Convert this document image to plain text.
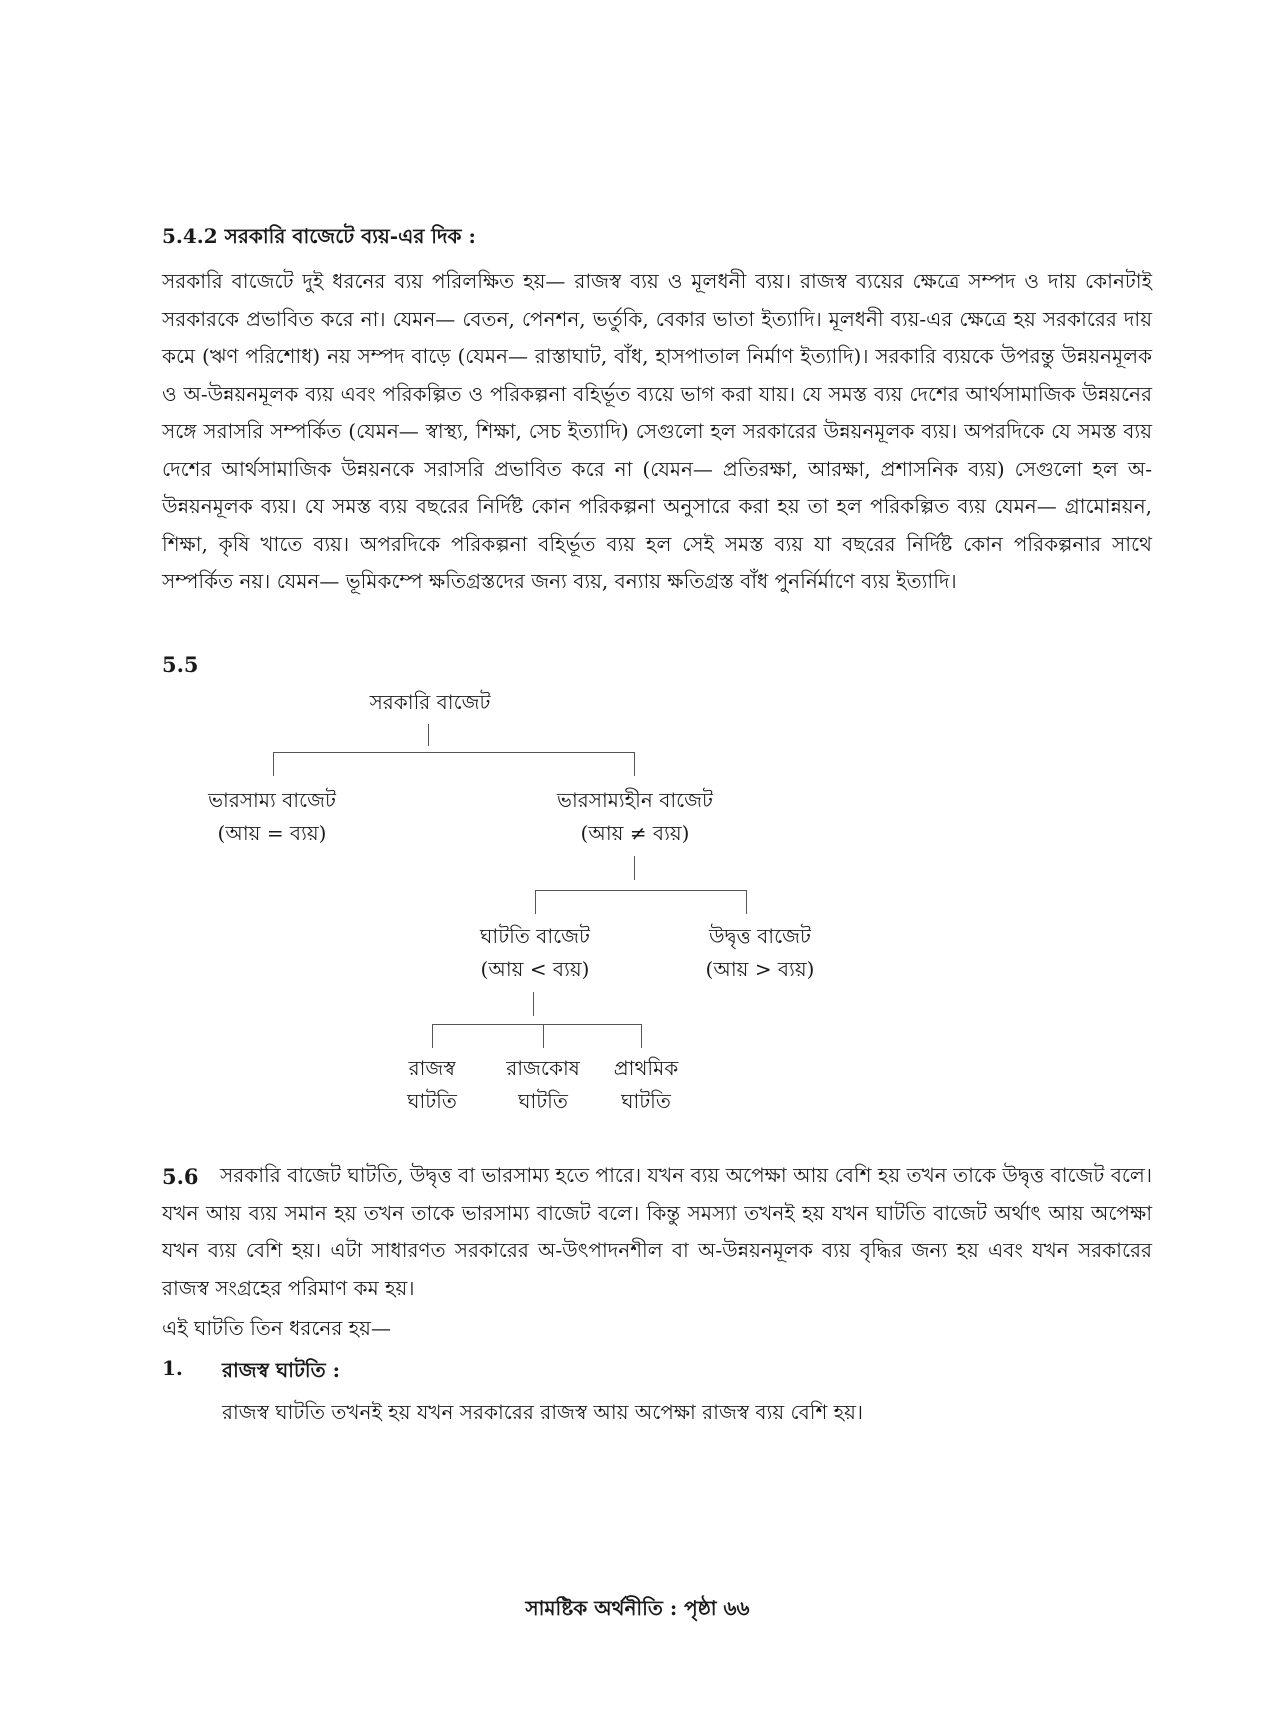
5.4.2 সরকারি বাজেটে ব্যয়-এর দিক :

সরকারি বাজেটে দুই ধরনের ব্যয় পরিলক্ষিত হয়— রাজস্ব ব্যয় ও মূলধনী ব্যয়। রাজস্ব ব্যয়ের ক্ষেত্রে সম্পদ ও দায় কোনটাই সরকারকে প্রভাবিত করে না। যেমন— বেতন, পেনশন, ভর্তুকি, বেকার ভাতা ইত্যাদি। মূলধনী ব্যয়-এর ক্ষেত্রে হয় সরকারের দায় কমে (ঋণ পরিশোধ) নয় সম্পদ বাড়ে (যেমন— রাস্তাঘাট, বাঁধ, হাসপাতাল নির্মাণ ইত্যাদি)। সরকারি ব্যয়কে উপরন্তু উন্নয়নমূলক ও অ-উন্নয়নমূলক ব্যয় এবং পরিকল্পিত ও পরিকল্পনা বহির্ভূত ব্যয়ে ভাগ করা যায়। যে সমস্ত ব্যয় দেশের আর্থসামাজিক উন্নয়নের সঙ্গে সরাসরি সম্পর্কিত (যেমন— স্বাস্থ্য, শিক্ষা, সেচ ইত্যাদি) সেগুলো হল সরকারের উন্নয়নমূলক ব্যয়। অপরদিকে যে সমস্ত ব্যয় দেশের আর্থসামাজিক উন্নয়নকে সরাসরি প্রভাবিত করে না (যেমন— প্রতিরক্ষা, আরক্ষা, প্রশাসনিক ব্যয়) সেগুলো হল অ-উন্নয়নমূলক ব্যয়। যে সমস্ত ব্যয় বছরের নির্দিষ্ট কোন পরিকল্পনা অনুসারে করা হয় তা হল পরিকল্পিত ব্যয় যেমন— গ্রামোন্নয়ন, শিক্ষা, কৃষি খাতে ব্যয়। অপরদিকে পরিকল্পনা বহির্ভূত ব্যয় হল সেই সমস্ত ব্যয় যা বছরের নির্দিষ্ট কোন পরিকল্পনার সাথে সম্পর্কিত নয়। যেমন— ভূমিকম্পে ক্ষতিগ্রস্তদের জন্য ব্যয়, বন্যায় ক্ষতিগ্রস্ত বাঁধ পুনর্নির্মাণে ব্যয় ইত্যাদি।

5.5
সরকারি বাজেট
ভারসাম্য বাজেট
(আয় = ব্যয়)
ভারসাম্যহীন বাজেট
(আয় ≠ ব্যয়)
ঘাটতি বাজেট
(আয় < ব্যয়)
উদ্বৃত্ত বাজেট
(আয় > ব্যয়)
রাজস্ব
ঘাটতি
রাজকোষ
ঘাটতি
প্রাথমিক
ঘাটতি
5.6	সরকারি বাজেট ঘাটতি, উদ্বৃত্ত বা ভারসাম্য হতে পারে। যখন ব্যয় অপেক্ষা আয় বেশি হয় তখন তাকে উদ্বৃত্ত বাজেট বলে। যখন আয় ব্যয় সমান হয় তখন তাকে ভারসাম্য বাজেট বলে। কিন্তু সমস্যা তখনই হয় যখন ঘাটতি বাজেট অর্থাৎ আয় অপেক্ষা যখন ব্যয় বেশি হয়। এটা সাধারণত সরকারের অ-উৎপাদনশীল বা অ-উন্নয়নমূলক ব্যয় বৃদ্ধির জন্য হয় এবং যখন সরকারের রাজস্ব সংগ্রহের পরিমাণ কম হয়।

এই ঘাটতি তিন ধরনের হয়—
1. রাজস্ব ঘাটতি :
রাজস্ব ঘাটতি তখনই হয় যখন সরকারের রাজস্ব আয় অপেক্ষা রাজস্ব ব্যয় বেশি হয়।
সামষ্টিক অর্থনীতি : পৃষ্ঠা ৬৬
